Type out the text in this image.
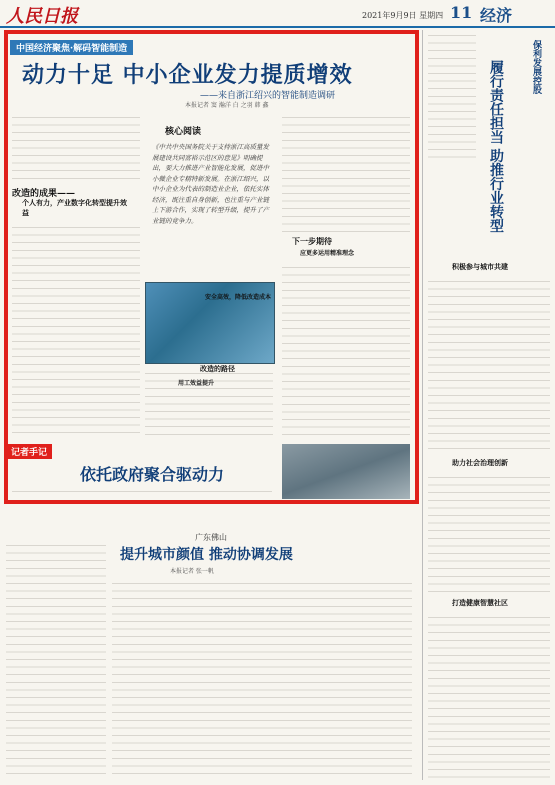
人民日报	2021年9月9日 星期四 11 经济
中国经济聚焦·解码智能制造
动力十足 中小企业发力提质增效
——来自浙江绍兴的智能制造调研
本报记者 窦 瀚洋 白 之羽 韩 鑫
改造的成果——
个人有力，产业数字化转型提升效益
核心阅读
《中共中央国务院关于支持浙江高质量发展建设共同富裕示范区的意见》明确提出，要大力推进产业智能化发展，促进中小微企业专精特新发展。在浙江绍兴，以中小企业为代表的制造业企业，依托实体经济，既注重自身创新，也注重与产业链上下游合作，实现了转型升级，提升了产业链的竞争力。
改造的路径
用工效益提升
下一步期待
应更多运用精准理念
安全高效，降低改造成本
记者手记
依托政府聚合驱动力
广东佛山
提升城市颜值 推动协调发展
本报记者 张一帆
保利发展控股
履行责任担当 助推行业转型
积极参与城市共建
助力社会治理创新
打造健康智慧社区
